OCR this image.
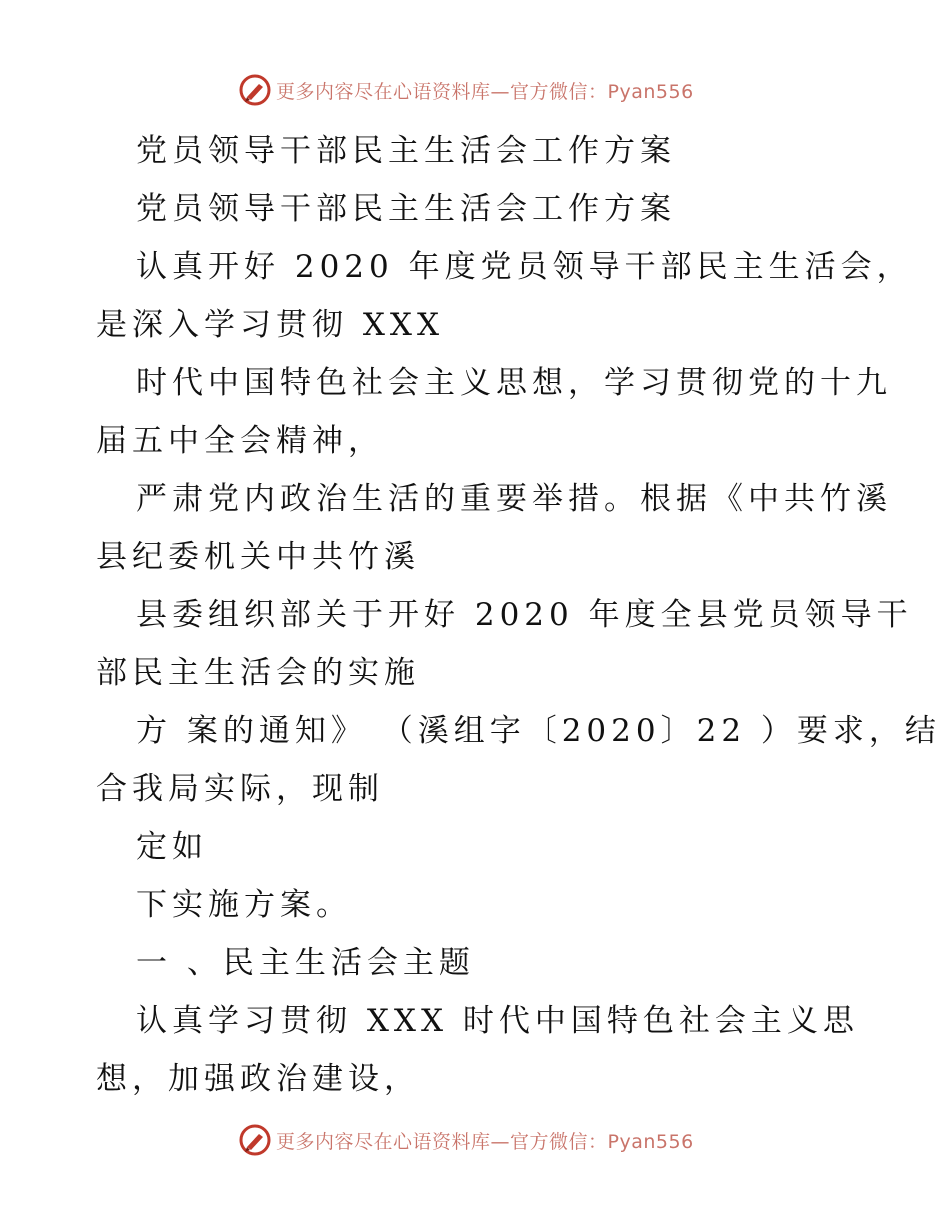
更多内容尽在心语资料库—官方微信：Pyan556
党员领导干部民主生活会工作方案
党员领导干部民主生活会工作方案
认真开好 2020 年度党员领导干部民主生活会，
是深入学习贯彻 XXX
时代中国特色社会主义思想，学习贯彻党的十九
届五中全会精神，
严肃党内政治生活的重要举措。根据《中共竹溪
县纪委机关中共竹溪
县委组织部关于开好 2020 年度全县党员领导干
部民主生活会的实施
方 案的通知》 （溪组字〔2020〕22 ）要求，结
合我局实际，现制
定如
下实施方案。
一 、民主生活会主题
认真学习贯彻 XXX 时代中国特色社会主义思
想，加强政治建设，
更多内容尽在心语资料库—官方微信：Pyan556
